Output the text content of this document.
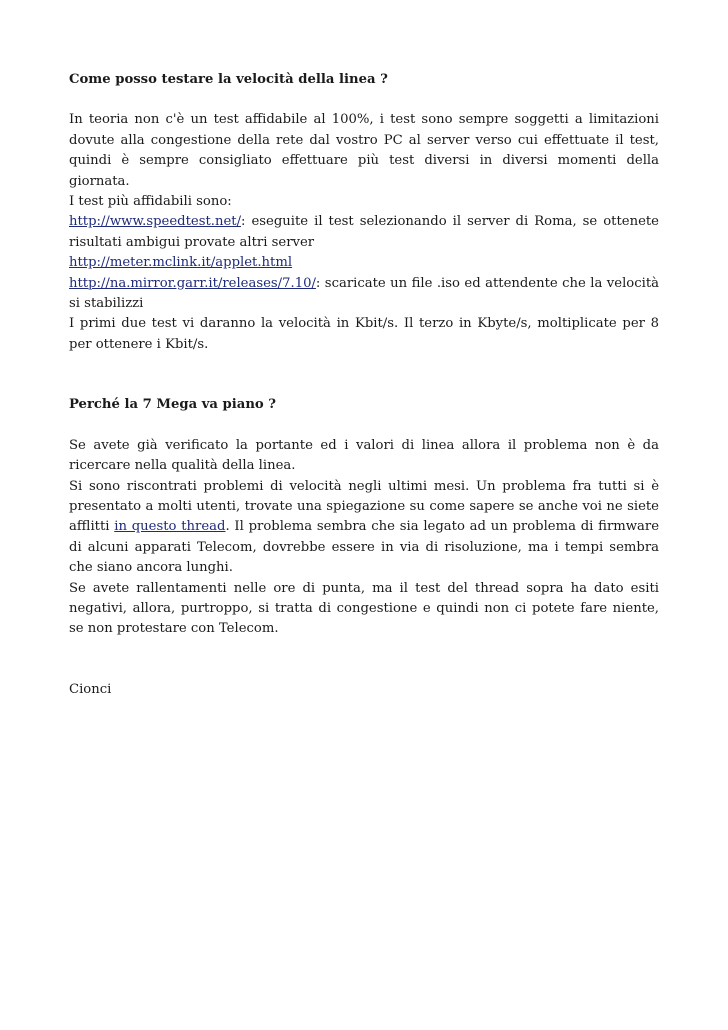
Come posso testare la velocità della linea ?

In teoria non c'è un test affidabile al 100%, i test sono sempre soggetti a limitazioni dovute alla congestione della rete dal vostro PC al server verso cui effettuate il test, quindi è sempre consigliato effettuare più test diversi in diversi momenti della giornata.

I test più affidabili sono:

http://www.speedtest.net/: eseguite il test selezionando il server di Roma, se ottenete risultati ambigui provate altri server

http://meter.mclink.it/applet.html

http://na.mirror.garr.it/releases/7.10/: scaricate un file .iso ed attendente che la velocità si stabilizzi

I primi due test vi daranno la velocità in Kbit/s. Il terzo in Kbyte/s, moltiplicate per 8 per ottenere i Kbit/s.

Perché la 7 Mega va piano ?

Se avete già verificato la portante ed i valori di linea allora il problema non è da ricercare nella qualità della linea.

Si sono riscontrati problemi di velocità negli ultimi mesi. Un problema fra tutti si è presentato a molti utenti, trovate una spiegazione su come sapere se anche voi ne siete afflitti in questo thread. Il problema sembra che sia legato ad un problema di firmware di alcuni apparati Telecom, dovrebbe essere in via di risoluzione, ma i tempi sembra che siano ancora lunghi.

Se avete rallentamenti nelle ore di punta, ma il test del thread sopra ha dato esiti negativi, allora, purtroppo, si tratta di congestione e quindi non ci potete fare niente, se non protestare con Telecom.

Cionci
